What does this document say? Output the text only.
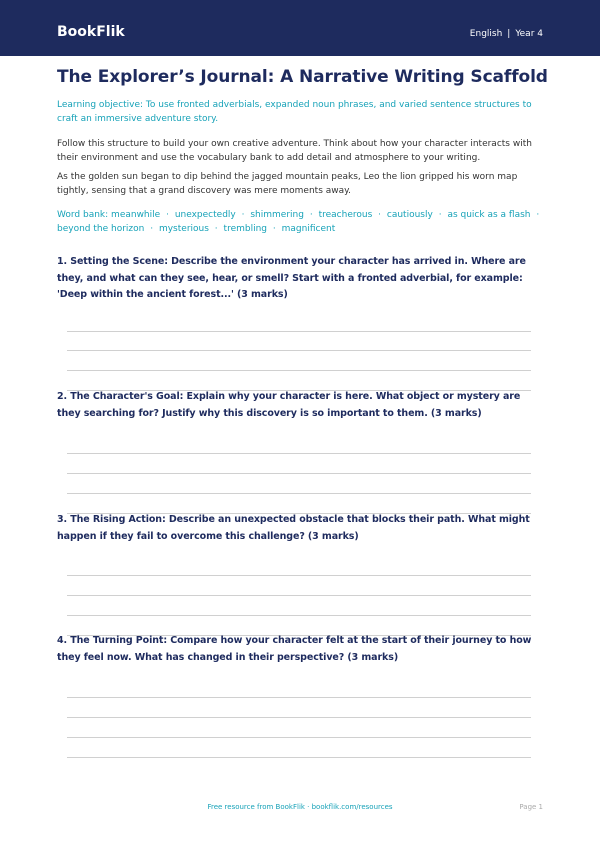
BookFlik	English | Year 4
The Explorer’s Journal: A Narrative Writing Scaffold
Learning objective: To use fronted adverbials, expanded noun phrases, and varied sentence structures to craft an immersive adventure story.
Follow this structure to build your own creative adventure. Think about how your character interacts with their environment and use the vocabulary bank to add detail and atmosphere to your writing.
As the golden sun began to dip behind the jagged mountain peaks, Leo the lion gripped his worn map tightly, sensing that a grand discovery was mere moments away.
Word bank: meanwhile · unexpectedly · shimmering · treacherous · cautiously · as quick as a flash · beyond the horizon · mysterious · trembling · magnificent
1. Setting the Scene: Describe the environment your character has arrived in. Where are they, and what can they see, hear, or smell? Start with a fronted adverbial, for example: 'Deep within the ancient forest...' (3 marks)
2. The Character's Goal: Explain why your character is here. What object or mystery are they searching for? Justify why this discovery is so important to them. (3 marks)
3. The Rising Action: Describe an unexpected obstacle that blocks their path. What might happen if they fail to overcome this challenge? (3 marks)
4. The Turning Point: Compare how your character felt at the start of their journey to how they feel now. What has changed in their perspective? (3 marks)
Free resource from BookFlik · bookflik.com/resources	Page 1
